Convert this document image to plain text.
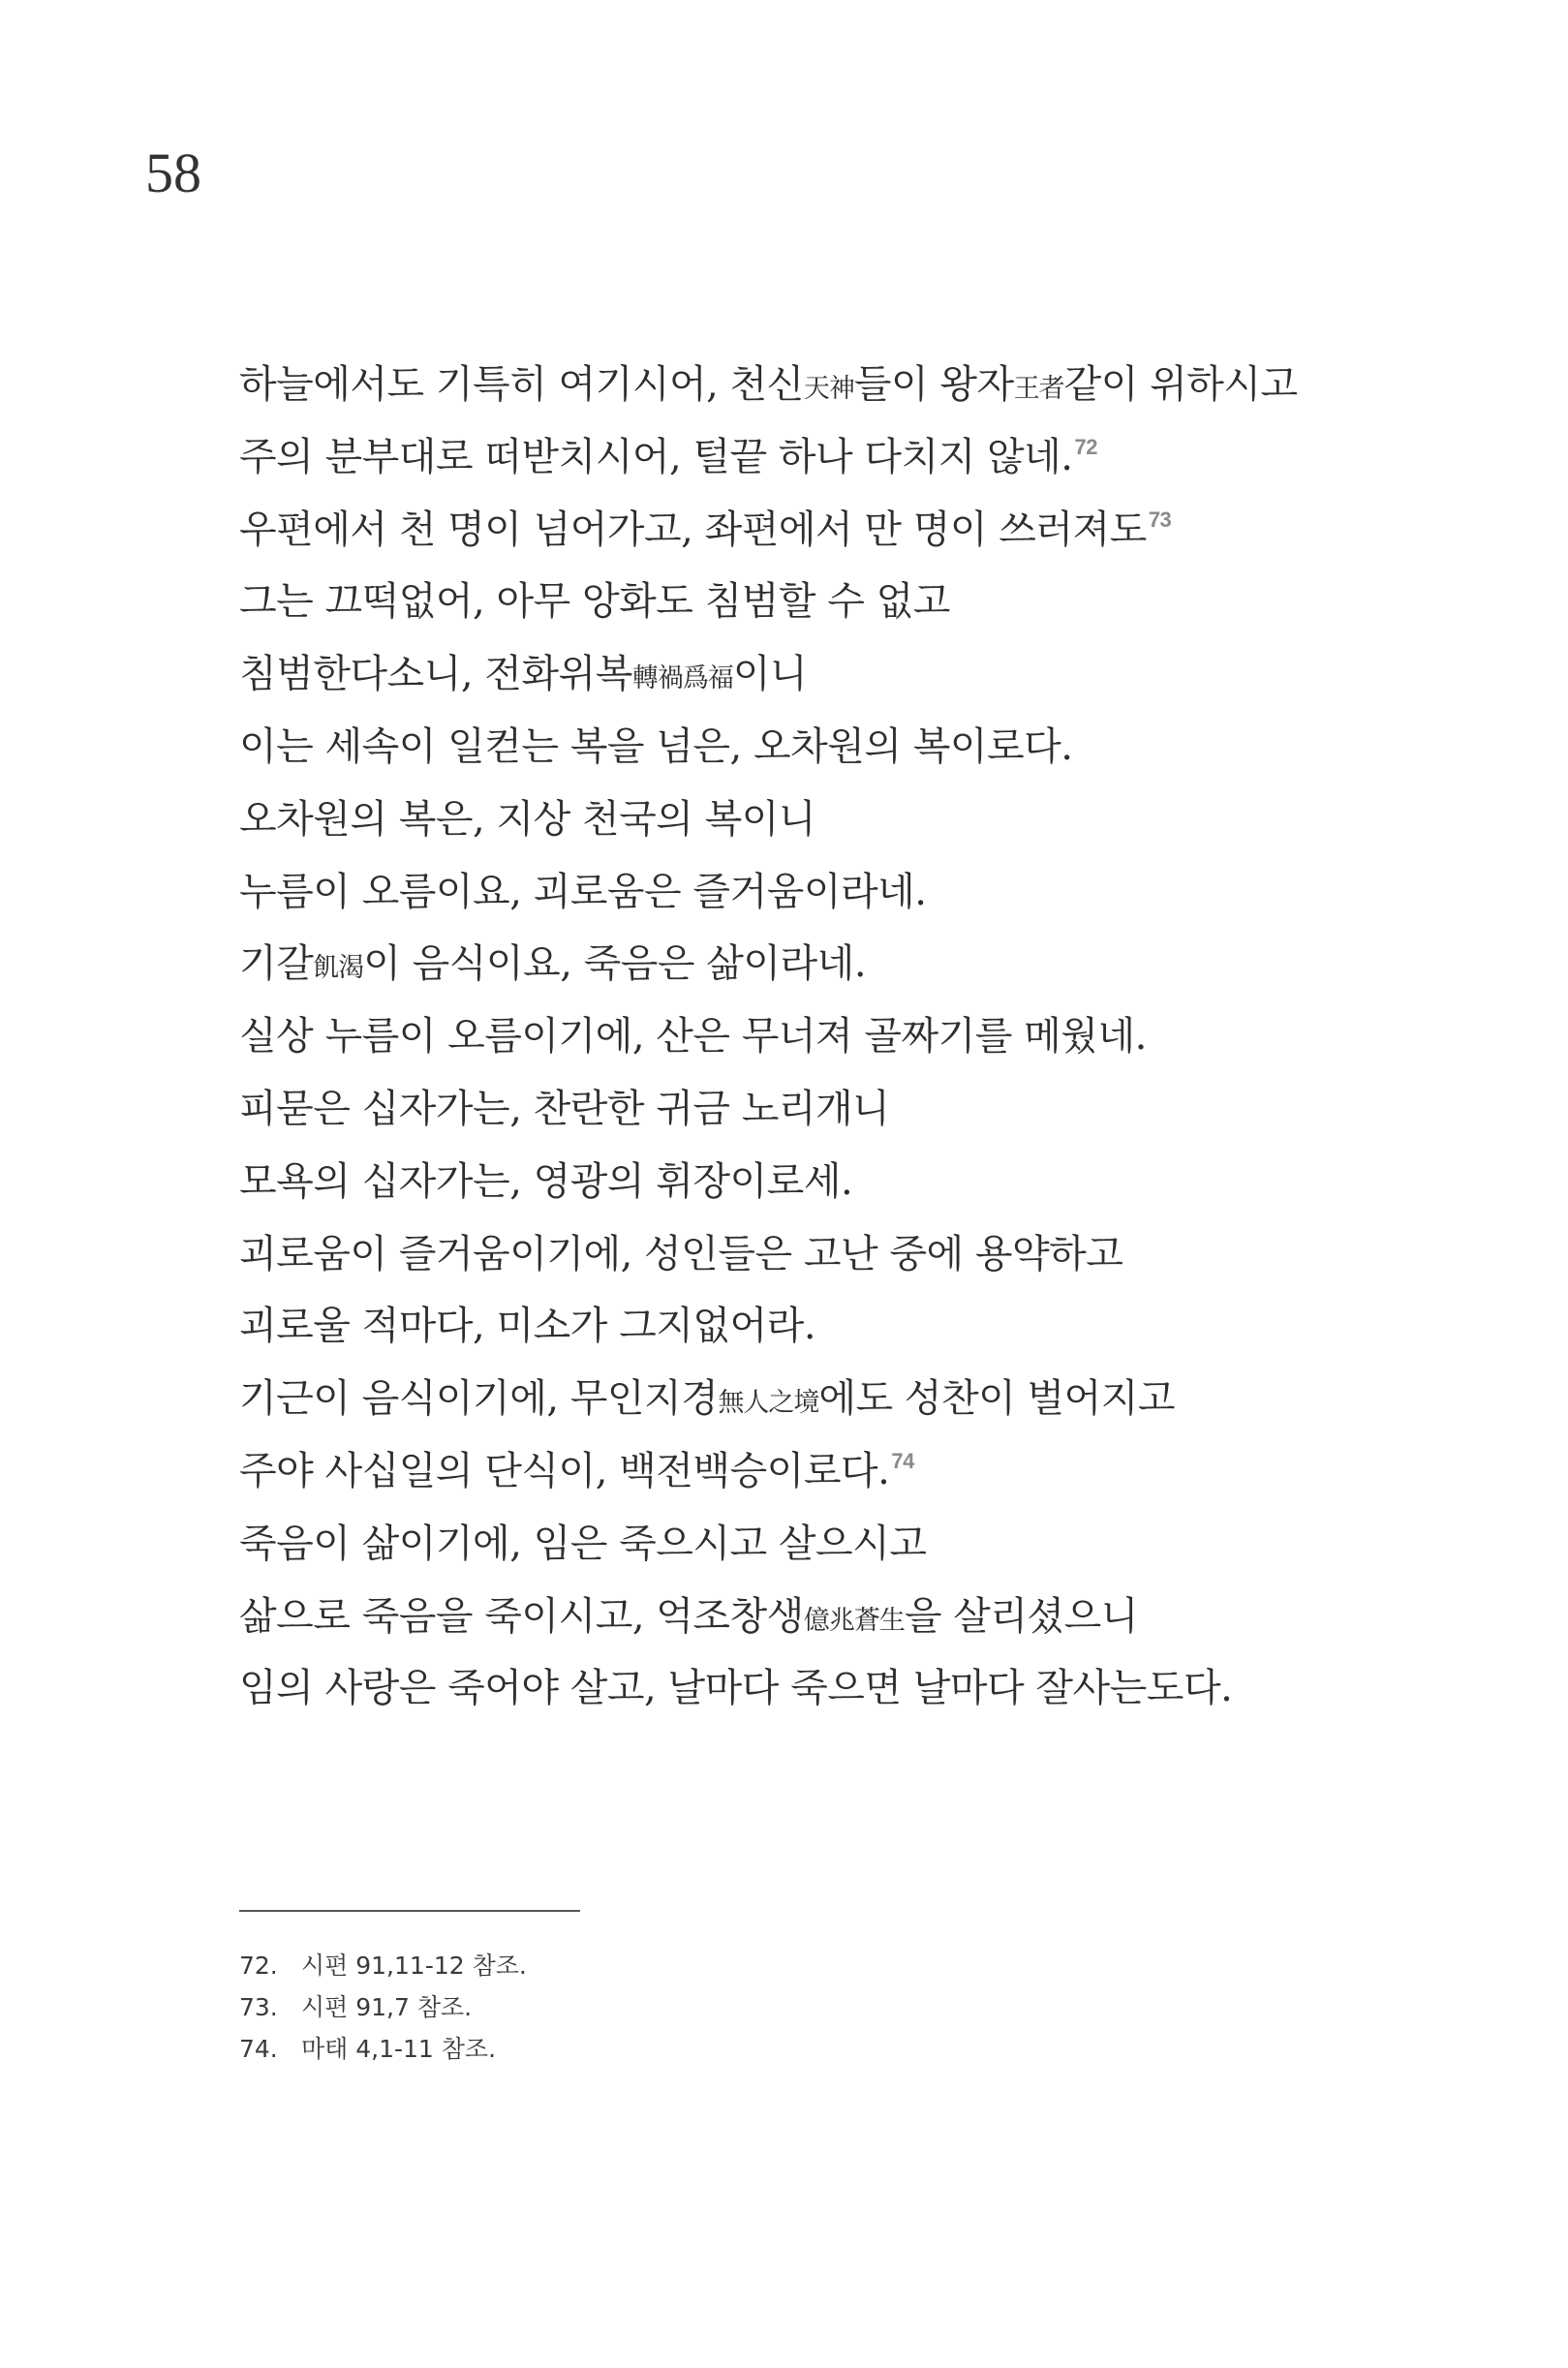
58
하늘에서도 기특히 여기시어, 천신天神들이 왕자王者같이 위하시고
주의 분부대로 떠받치시어, 털끝 하나 다치지 않네.$^{72}$
우편에서 천 명이 넘어가고, 좌편에서 만 명이 쓰러져도$^{73}$
그는 끄떡없어, 아무 앙화도 침범할 수 없고
침범한다소니, 전화위복轉禍爲福이니
이는 세속이 일컫는 복을 넘은, 오차원의 복이로다.
오차원의 복은, 지상 천국의 복이니
누름이 오름이요, 괴로움은 즐거움이라네.
기갈飢渴이 음식이요, 죽음은 삶이라네.
실상 누름이 오름이기에, 산은 무너져 골짜기를 메웠네.
피묻은 십자가는, 찬란한 귀금 노리개니
모욕의 십자가는, 영광의 휘장이로세.
괴로움이 즐거움이기에, 성인들은 고난 중에 용약하고
괴로울 적마다, 미소가 그지없어라.
기근이 음식이기에, 무인지경無人之境에도 성찬이 벌어지고
주야 사십일의 단식이, 백전백승이로다.$^{74}$
죽음이 삶이기에, 임은 죽으시고 살으시고
삶으로 죽음을 죽이시고, 억조창생億兆蒼生을 살리셨으니
임의 사랑은 죽어야 살고, 날마다 죽으면 날마다 잘사는도다.
72. 시편 91,11-12 참조.
73. 시편 91,7 참조.
74. 마태 4,1-11 참조.
